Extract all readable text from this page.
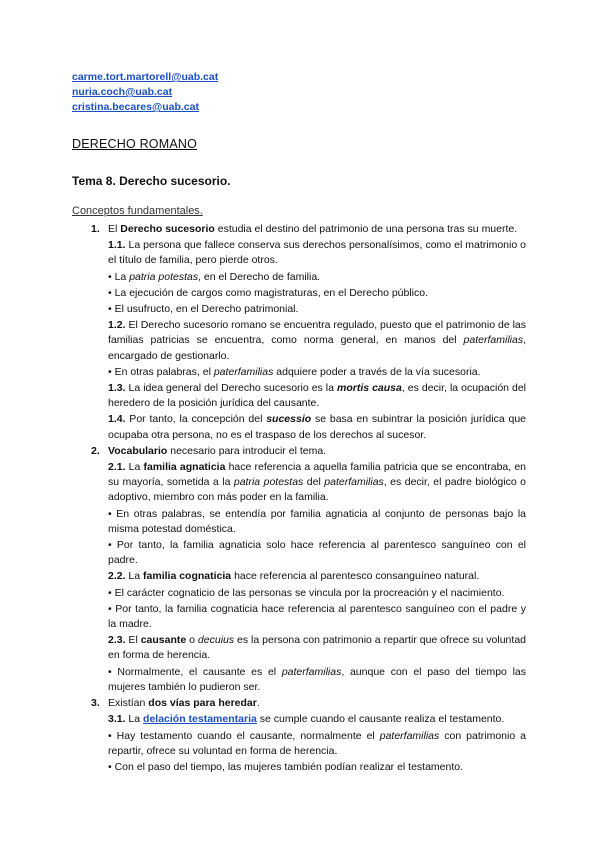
carme.tort.martorell@uab.cat
nuria.coch@uab.cat
cristina.becares@uab.cat
DERECHO ROMANO
Tema 8. Derecho sucesorio.
Conceptos fundamentales.
1. El Derecho sucesorio estudia el destino del patrimonio de una persona tras su muerte.
1.1. La persona que fallece conserva sus derechos personalísimos, como el matrimonio o el título de familia, pero pierde otros.
• La patria potestas, en el Derecho de familia.
• La ejecución de cargos como magistraturas, en el Derecho público.
• El usufructo, en el Derecho patrimonial.
1.2. El Derecho sucesorio romano se encuentra regulado, puesto que el patrimonio de las familias patricias se encuentra, como norma general, en manos del paterfamilias, encargado de gestionarlo.
• En otras palabras, el paterfamilias adquiere poder a través de la vía sucesoria.
1.3. La idea general del Derecho sucesorio es la mortis causa, es decir, la ocupación del heredero de la posición jurídica del causante.
1.4. Por tanto, la concepción del sucessio se basa en subintrar la posición jurídica que ocupaba otra persona, no es el traspaso de los derechos al sucesor.
2. Vocabulario necesario para introducir el tema.
2.1. La familia agnaticia hace referencia a aquella familia patricia que se encontraba, en su mayoría, sometida a la patria potestas del paterfamilias, es decir, el padre biológico o adoptivo, miembro con más poder en la familia.
• En otras palabras, se entendía por familia agnaticia al conjunto de personas bajo la misma potestad doméstica.
• Por tanto, la familia agnaticia solo hace referencia al parentesco sanguíneo con el padre.
2.2. La familia cognaticia hace referencia al parentesco consanguíneo natural.
• El carácter cognaticio de las personas se vincula por la procreación y el nacimiento.
• Por tanto, la familia cognaticia hace referencia al parentesco sanguíneo con el padre y la madre.
2.3. El causante o decuius es la persona con patrimonio a repartir que ofrece su voluntad en forma de herencia.
• Normalmente, el causante es el paterfamilias, aunque con el paso del tiempo las mujeres también lo pudieron ser.
3. Existían dos vías para heredar.
3.1. La delación testamentaria se cumple cuando el causante realiza el testamento.
• Hay testamento cuando el causante, normalmente el paterfamilias con patrimonio a repartir, ofrece su voluntad en forma de herencia.
• Con el paso del tiempo, las mujeres también podían realizar el testamento.
